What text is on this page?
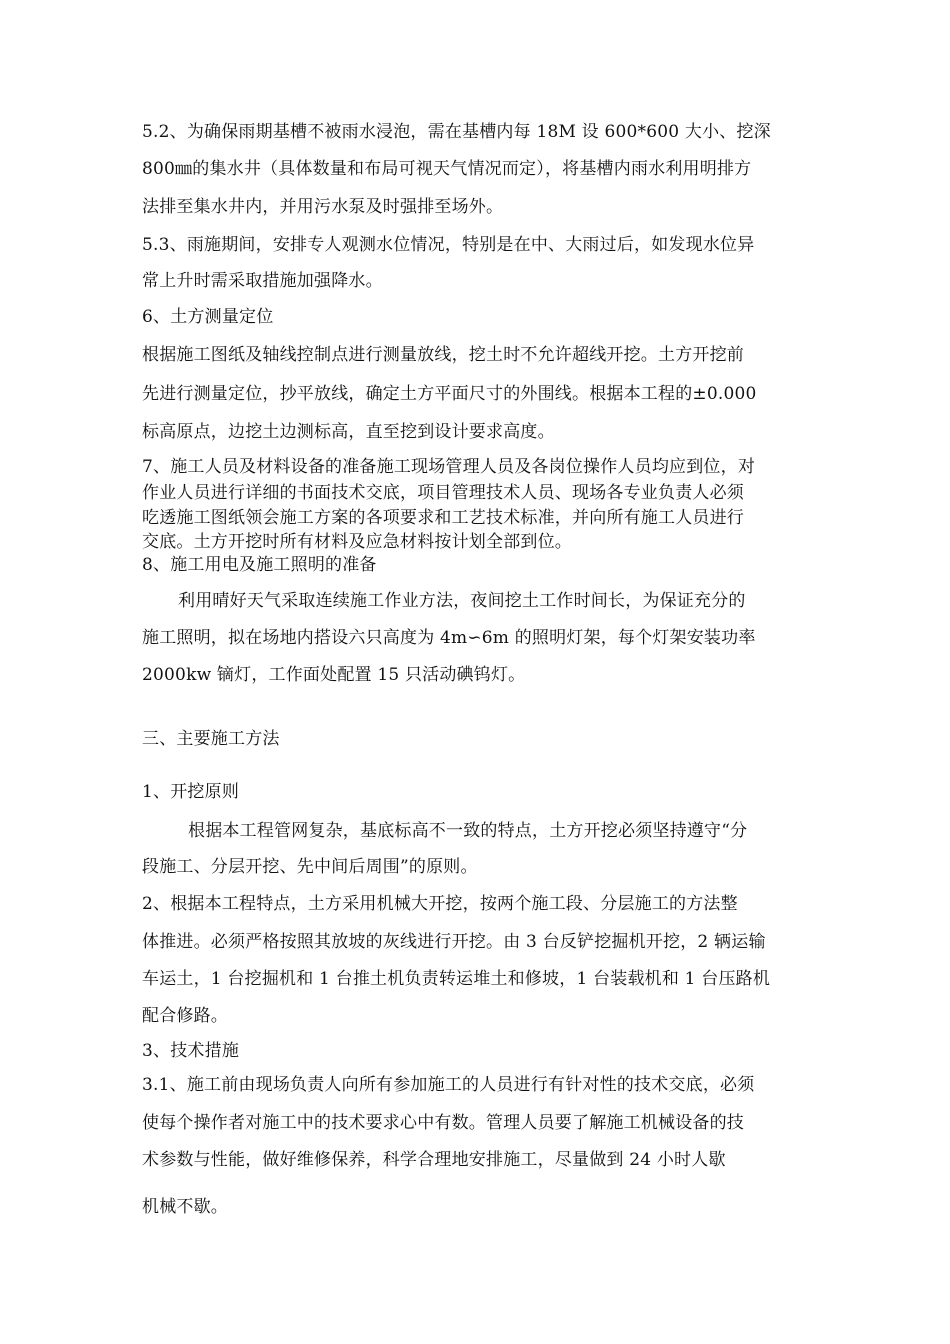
5.2、为确保雨期基槽不被雨水浸泡，需在基槽内每 18M 设 600*600 大小、挖深

800㎜的集水井（具体数量和布局可视天气情况而定），将基槽内雨水利用明排方

法排至集水井内，并用污水泵及时强排至场外。

5.3、雨施期间，安排专人观测水位情况，特别是在中、大雨过后，如发现水位异

常上升时需采取措施加强降水。

6、土方测量定位

根据施工图纸及轴线控制点进行测量放线，挖土时不允许超线开挖。土方开挖前

先进行测量定位，抄平放线，确定土方平面尺寸的外围线。根据本工程的±0.000

标高原点，边挖土边测标高，直至挖到设计要求高度。

7、施工人员及材料设备的准备施工现场管理人员及各岗位操作人员均应到位，对

作业人员进行详细的书面技术交底，项目管理技术人员、现场各专业负责人必须

吃透施工图纸领会施工方案的各项要求和工艺技术标准，并向所有施工人员进行

交底。土方开挖时所有材料及应急材料按计划全部到位。

8、施工用电及施工照明的准备

利用晴好天气采取连续施工作业方法，夜间挖土工作时间长，为保证充分的

施工照明，拟在场地内搭设六只高度为 4m∽6m 的照明灯架，每个灯架安装功率

2000kw 镝灯，工作面处配置 15 只活动碘钨灯。

三、主要施工方法

1、开挖原则

根据本工程管网复杂，基底标高不一致的特点，土方开挖必须坚持遵守“分

段施工、分层开挖、先中间后周围”的原则。

2、根据本工程特点，土方采用机械大开挖，按两个施工段、分层施工的方法整

体推进。必须严格按照其放坡的灰线进行开挖。由 3 台反铲挖掘机开挖，2 辆运输

车运土，1 台挖掘机和 1 台推土机负责转运堆土和修坡，1 台装载机和 1 台压路机

配合修路。

3、技术措施

3.1、施工前由现场负责人向所有参加施工的人员进行有针对性的技术交底，必须

使每个操作者对施工中的技术要求心中有数。管理人员要了解施工机械设备的技

术参数与性能，做好维修保养，科学合理地安排施工，尽量做到 24 小时人歇

机械不歇。
